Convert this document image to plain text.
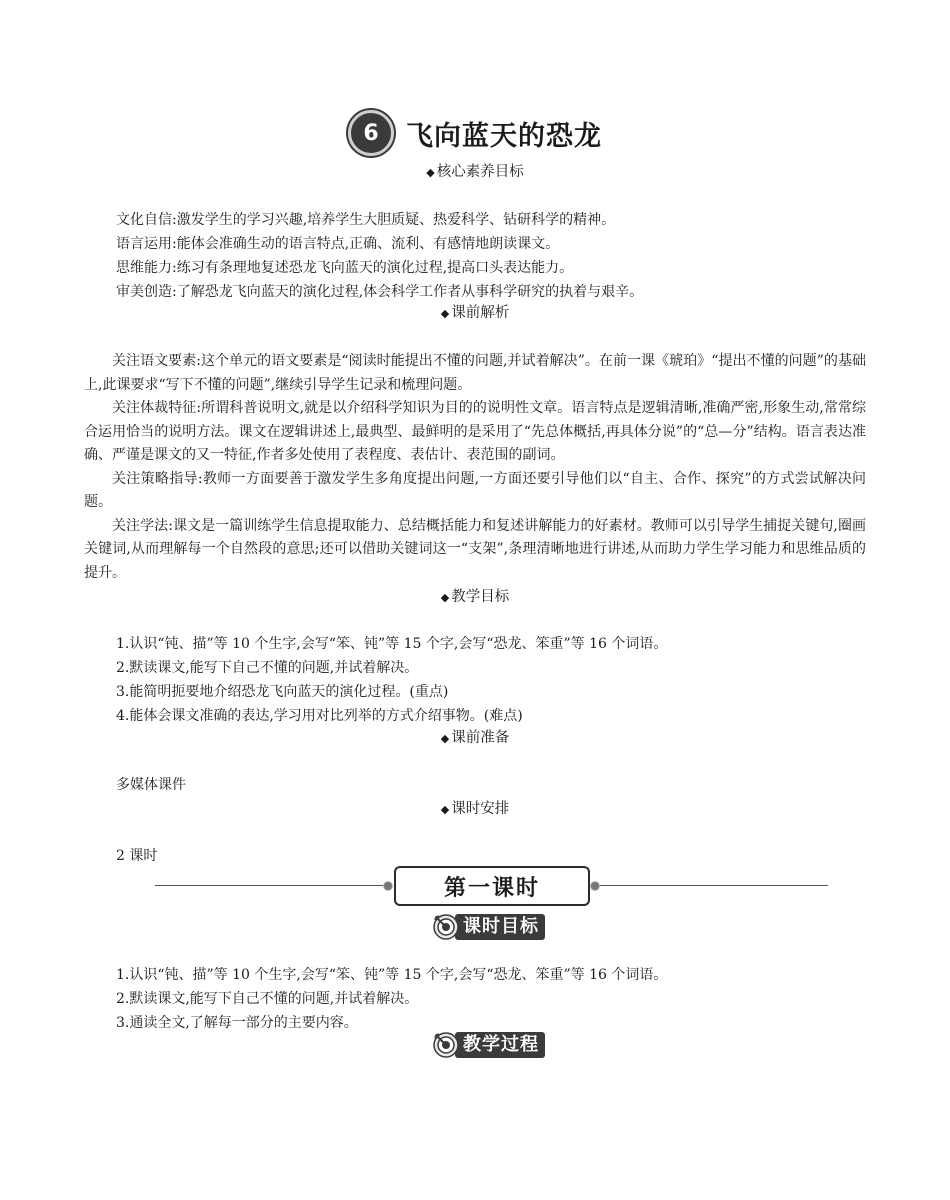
6	飞向蓝天的恐龙
◆ 核心素养目标
文化自信:激发学生的学习兴趣,培养学生大胆质疑、热爱科学、钻研科学的精神。
语言运用:能体会准确生动的语言特点,正确、流利、有感情地朗读课文。
思维能力:练习有条理地复述恐龙飞向蓝天的演化过程,提高口头表达能力。
审美创造:了解恐龙飞向蓝天的演化过程,体会科学工作者从事科学研究的执着与艰辛。
◆ 课前解析
关注语文要素:这个单元的语文要素是“阅读时能提出不懂的问题,并试着解决”。在前一课《琥珀》“提出不懂的问题”的基础上,此课要求“写下不懂的问题”,继续引导学生记录和梳理问题。
关注体裁特征:所谓科普说明文,就是以介绍科学知识为目的的说明性文章。语言特点是逻辑清晰,准确严密,形象生动,常常综合运用恰当的说明方法。课文在逻辑讲述上,最典型、最鲜明的是采用了“先总体概括,再具体分说”的“总—分”结构。语言表达准确、严谨是课文的又一特征,作者多处使用了表程度、表估计、表范围的副词。
关注策略指导:教师一方面要善于激发学生多角度提出问题,一方面还要引导他们以“自主、合作、探究”的方式尝试解决问题。
关注学法:课文是一篇训练学生信息提取能力、总结概括能力和复述讲解能力的好素材。教师可以引导学生捕捉关键句,圈画关键词,从而理解每一个自然段的意思;还可以借助关键词这一“支架”,条理清晰地进行讲述,从而助力学生学习能力和思维品质的提升。
◆ 教学目标
1.认识“钝、描”等 10 个生字,会写“笨、钝”等 15 个字,会写“恐龙、笨重”等 16 个词语。
2.默读课文,能写下自己不懂的问题,并试着解决。
3.能简明扼要地介绍恐龙飞向蓝天的演化过程。(重点)
4.能体会课文准确的表达,学习用对比列举的方式介绍事物。(难点)
◆ 课前准备
多媒体课件
◆ 课时安排
2 课时
第一课时
课时目标
1.认识“钝、描”等 10 个生字,会写“笨、钝”等 15 个字,会写“恐龙、笨重”等 16 个词语。
2.默读课文,能写下自己不懂的问题,并试着解决。
3.通读全文,了解每一部分的主要内容。
教学过程
